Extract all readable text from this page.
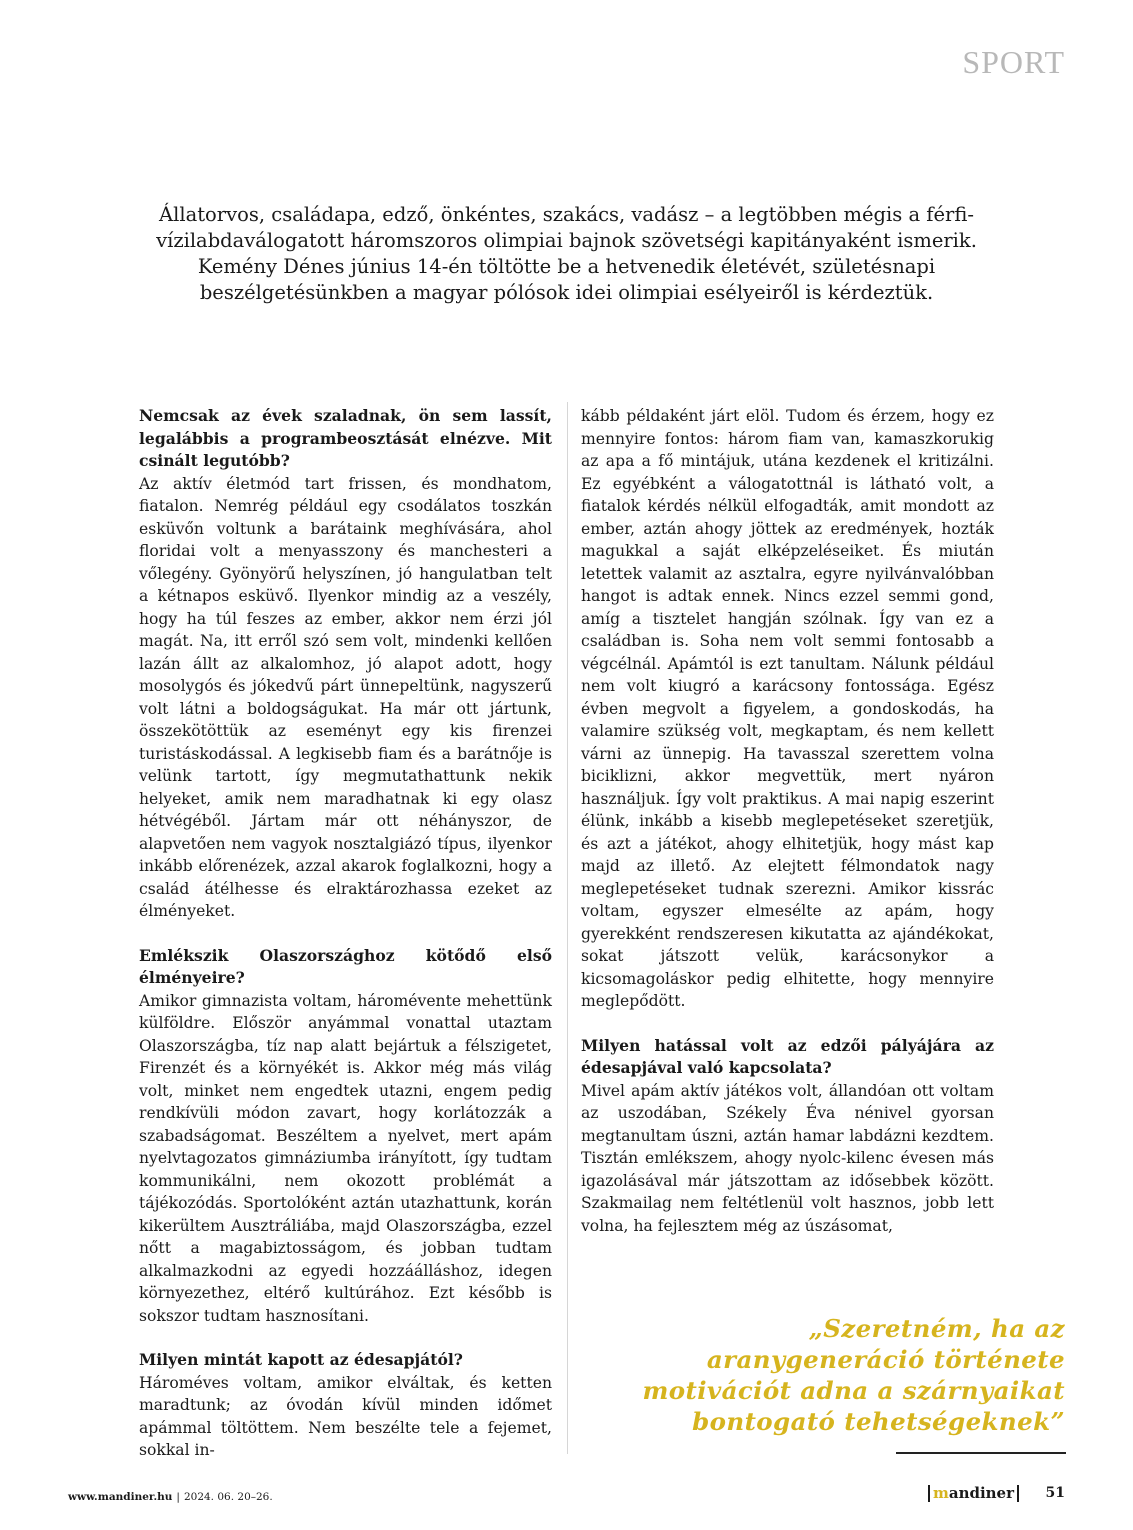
SPORT

Állatorvos, családapa, edző, önkéntes, szakács, vadász – a legtöbben mégis a férfi-vízilabdaválogatott háromszoros olimpiai bajnok szövetségi kapitányaként ismerik. Kemény Dénes június 14-én töltötte be a hetvenedik életévét, születésnapi beszélgetésünkben a magyar pólósok idei olimpiai esélyeiről is kérdeztük.

Nemcsak az évek szaladnak, ön sem lassít, legalábbis a programbeosztását elnézve. Mit csinált legutóbb?

Az aktív életmód tart frissen, és mondhatom, fiatalon. Nemrég például egy csodálatos toszkán esküvőn voltunk a barátaink meghívására, ahol floridai volt a menyasszony és manchesteri a vőlegény. Gyönyörű helyszínen, jó hangulatban telt a kétnapos esküvő. Ilyenkor mindig az a veszély, hogy ha túl feszes az ember, akkor nem érzi jól magát. Na, itt erről szó sem volt, mindenki kellően lazán állt az alkalomhoz, jó alapot adott, hogy mosolygós és jókedvű párt ünnepeltünk, nagyszerű volt látni a boldogságukat. Ha már ott jártunk, összekötöttük az eseményt egy kis firenzei turistáskodással. A legkisebb fiam és a barátnője is velünk tartott, így megmutathattunk nekik helyeket, amik nem maradhatnak ki egy olasz hétvégéből. Jártam már ott néhányszor, de alapvetően nem vagyok nosztalgiázó típus, ilyenkor inkább előrenézek, azzal akarok foglalkozni, hogy a család átélhesse és elraktározhassa ezeket az élményeket.

Emlékszik Olaszországhoz kötődő első élményeire?

Amikor gimnazista voltam, háromévente mehettünk külföldre. Először anyámmal vonattal utaztam Olaszországba, tíz nap alatt bejártuk a félszigetet, Firenzét és a környékét is. Akkor még más világ volt, minket nem engedtek utazni, engem pedig rendkívüli módon zavart, hogy korlátozzák a szabadságomat. Beszéltem a nyelvet, mert apám nyelvtagozatos gimnáziumba irányított, így tudtam kommunikálni, nem okozott problémát a tájékozódás. Sportolóként aztán utazhattunk, korán kikerültem Ausztráliába, majd Olaszországba, ezzel nőtt a magabiztosságom, és jobban tudtam alkalmazkodni az egyedi hozzáálláshoz, idegen környezethez, eltérő kultúrához. Ezt később is sokszor tudtam hasznosítani.

Milyen mintát kapott az édesapjától?

Hároméves voltam, amikor elváltak, és ketten maradtunk; az óvodán kívül minden időmet apámmal töltöttem. Nem beszélte tele a fejemet, sokkal in-

kább példaként járt elöl. Tudom és érzem, hogy ez mennyire fontos: három fiam van, kamaszkorukig az apa a fő mintájuk, utána kezdenek el kritizálni. Ez egyébként a válogatottnál is látható volt, a fiatalok kérdés nélkül elfogadták, amit mondott az ember, aztán ahogy jöttek az eredmények, hozták magukkal a saját elképzeléseiket. És miután letettek valamit az asztalra, egyre nyilvánvalóbban hangot is adtak ennek. Nincs ezzel semmi gond, amíg a tisztelet hangján szólnak. Így van ez a családban is. Soha nem volt semmi fontosabb a végcélnál. Apámtól is ezt tanultam. Nálunk például nem volt kiugró a karácsony fontossága. Egész évben megvolt a figyelem, a gondoskodás, ha valamire szükség volt, megkaptam, és nem kellett várni az ünnepig. Ha tavasszal szerettem volna biciklizni, akkor megvettük, mert nyáron használjuk. Így volt praktikus. A mai napig eszerint élünk, inkább a kisebb meglepetéseket szeretjük, és azt a játékot, ahogy elhitetjük, hogy mást kap majd az illető. Az elejtett félmondatok nagy meglepetéseket tudnak szerezni. Amikor kissrác voltam, egyszer elmesélte az apám, hogy gyerekként rendszeresen kikutatta az ajándékokat, sokat játszott velük, karácsonykor a kicsomagoláskor pedig elhitette, hogy mennyire meglepődött.

Milyen hatással volt az edzői pályájára az édesapjával való kapcsolata?

Mivel apám aktív játékos volt, állandóan ott voltam az uszodában, Székely Éva nénivel gyorsan megtanultam úszni, aztán hamar labdázni kezdtem. Tisztán emlékszem, ahogy nyolc-kilenc évesen más igazolásával már játszottam az idősebbek között. Szakmailag nem feltétlenül volt hasznos, jobb lett volna, ha fejlesztem még az úszásomat,

„Szeretném, ha az aranygeneráció története motivációt adna a szárnyaikat bontogató tehetségeknek”

www.mandiner.hu | 2024. 06. 20–26.	m andiner 51
